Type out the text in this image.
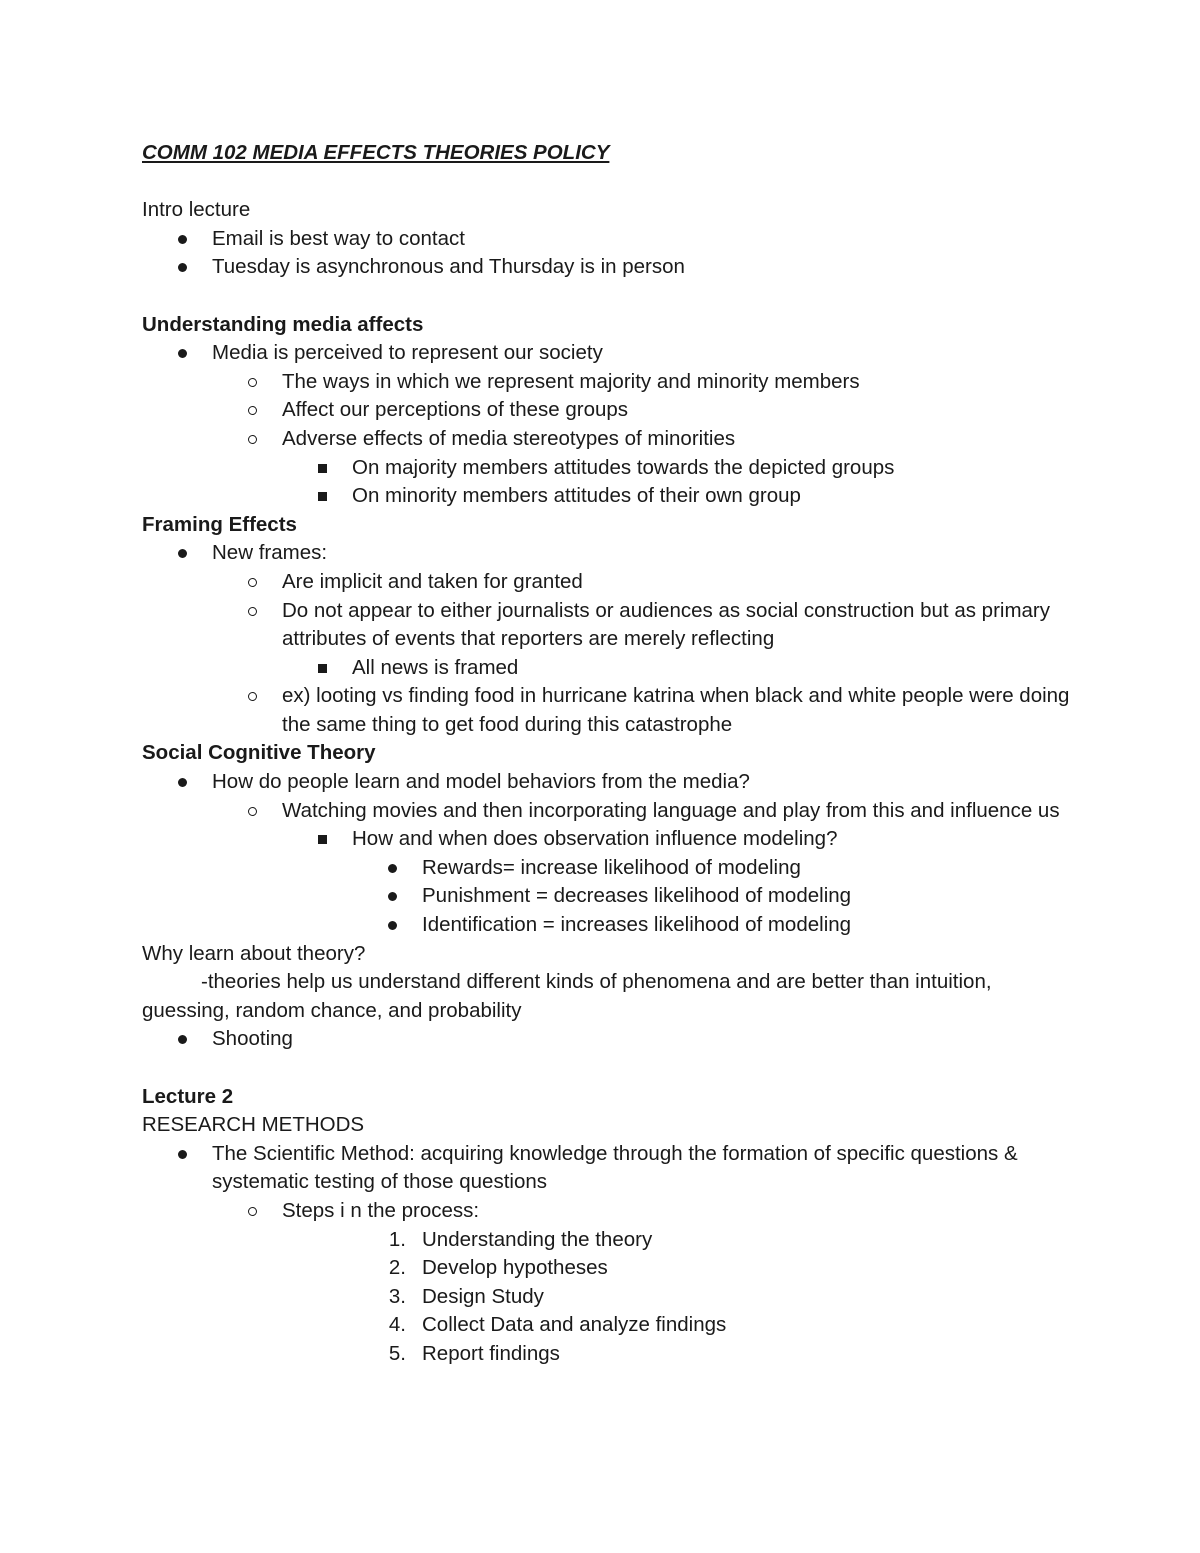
COMM 102 MEDIA EFFECTS THEORIES POLICY
Intro lecture
Email is best way to contact
Tuesday is asynchronous and Thursday is in person
Understanding media affects
Media is perceived to represent our society
The ways in which we represent majority and minority members
Affect our perceptions of these groups
Adverse effects of media stereotypes of minorities
On majority members attitudes towards the depicted groups
On minority members attitudes of their own group
Framing Effects
New frames:
Are implicit and taken for granted
Do not appear to either journalists or audiences as social construction but as primary attributes of events that reporters are merely reflecting
All news is framed
ex) looting vs finding food in hurricane katrina when black and white people were doing the same thing to get food during this catastrophe
Social Cognitive Theory
How do people learn and model behaviors from the media?
Watching movies and then incorporating language and play from this and influence us
How and when does observation influence modeling?
Rewards= increase likelihood of modeling
Punishment = decreases likelihood of modeling
Identification = increases likelihood of modeling
Why learn about theory?
-theories help us understand different kinds of phenomena and are better than intuition,
guessing, random chance, and probability
Shooting
Lecture 2
RESEARCH METHODS
The Scientific Method: acquiring knowledge through the formation of specific questions & systematic testing of those questions
Steps i n the process:
1. Understanding the theory
2. Develop hypotheses
3. Design Study
4. Collect Data and analyze findings
5. Report findings
